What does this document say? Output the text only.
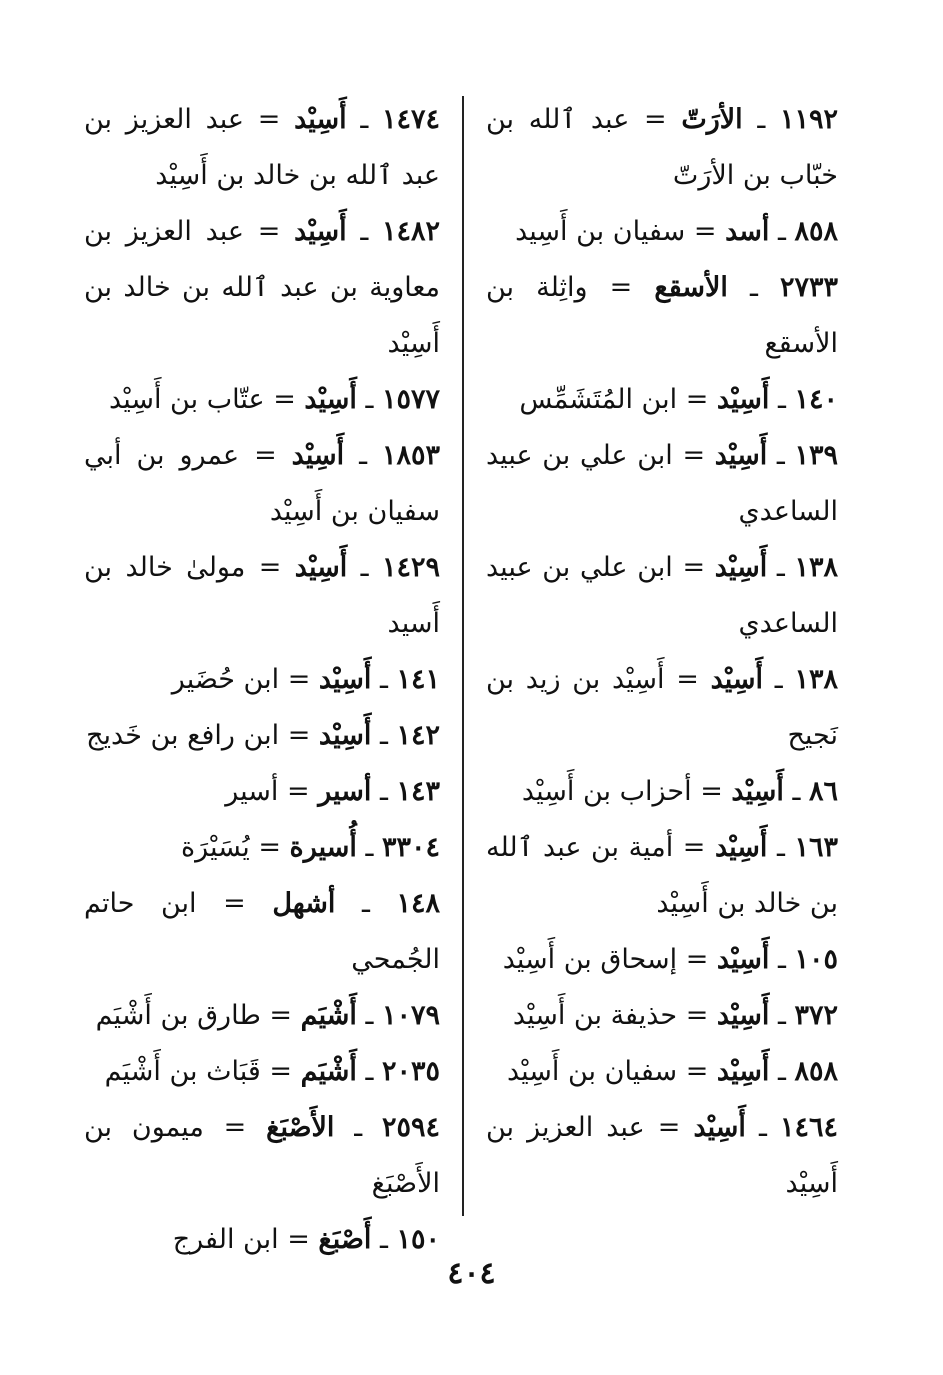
١١٩٢ ـ الأرَتّ = عبد ٱلله بن خبّاب بن الأرَتّ
٨٥٨ ـ أسد = سفيان بن أَسِيد
٢٧٣٣ ـ الأسقع = واثِلة بن الأسقع
١٤٠ ـ أَسِيْد = ابن المُتَشَمِّس
١٣٩ ـ أَسِيْد = ابن علي بن عبيد الساعدي
١٣٨ ـ أَسِيْد = ابن علي بن عبيد الساعدي
١٣٨ ـ أَسِيْد = أَسِيْد بن زيد بن نَجيح
٨٦ ـ أَسِيْد = أحزاب بن أَسِيْد
١٦٣ ـ أَسِيْد = أمية بن عبد ٱلله بن خالد بن أَسِيْد
١٠٥ ـ أَسِيْد = إسحاق بن أَسِيْد
٣٧٢ ـ أَسِيْد = حذيفة بن أَسِيْد
٨٥٨ ـ أَسِيْد = سفيان بن أَسِيْد
١٤٦٤ ـ أَسِيْد = عبد العزيز بن أَسِيْد
١٤٧٤ ـ أَسِيْد = عبد العزيز بن عبد ٱلله بن خالد بن أَسِيْد
١٤٨٢ ـ أَسِيْد = عبد العزيز بن معاوية بن عبد ٱلله بن خالد بن أَسِيْد
١٥٧٧ ـ أَسِيْد = عتّاب بن أَسِيْد
١٨٥٣ ـ أَسِيْد = عمرو بن أبي سفيان بن أَسِيْد
١٤٢٩ ـ أَسِيْد = مولىٰ خالد بن أَسيد
١٤١ ـ أَسِيْد = ابن حُضَير
١٤٢ ـ أَسِيْد = ابن رافع بن خَديج
١٤٣ ـ أسير = أسير
٣٣٠٤ ـ أُسيرة = يُسَيْرَة
١٤٨ ـ أشهل = ابن حاتم الجُمحي
١٠٧٩ ـ أَشْيَم = طارق بن أَشْيَم
٢٠٣٥ ـ أَشْيَم = قَبَاث بن أَشْيَم
٢٥٩٤ ـ الأَصْبَغ = ميمون بن الأَصْبَغ
١٥٠ ـ أَصْبَغ = ابن الفرج
٤٠٤
